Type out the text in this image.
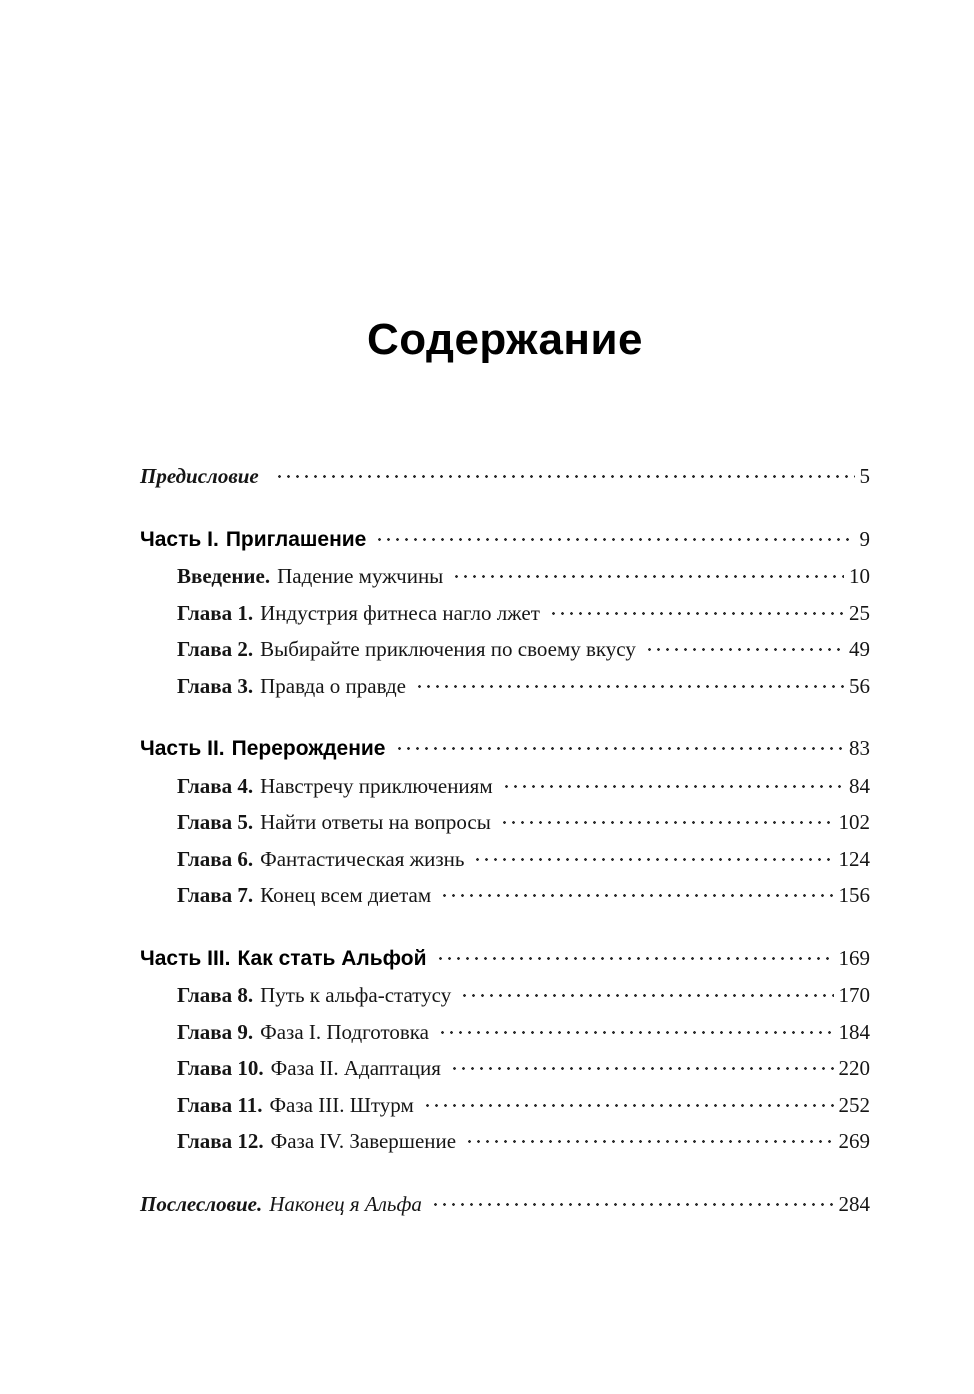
Содержание
Предисловие	5
Часть I. Приглашение	9
Введение. Падение мужчины	10
Глава 1. Индустрия фитнеса нагло лжет	25
Глава 2. Выбирайте приключения по своему вкусу	49
Глава 3. Правда о правде	56
Часть II. Перерождение	83
Глава 4. Навстречу приключениям	84
Глава 5. Найти ответы на вопросы	102
Глава 6. Фантастическая жизнь	124
Глава 7. Конец всем диетам	156
Часть III. Как стать Альфой	169
Глава 8. Путь к альфа-статусу	170
Глава 9. Фаза I. Подготовка	184
Глава 10. Фаза II. Адаптация	220
Глава 11. Фаза III. Штурм	252
Глава 12. Фаза IV. Завершение	269
Послесловие. Наконец я Альфа	284
